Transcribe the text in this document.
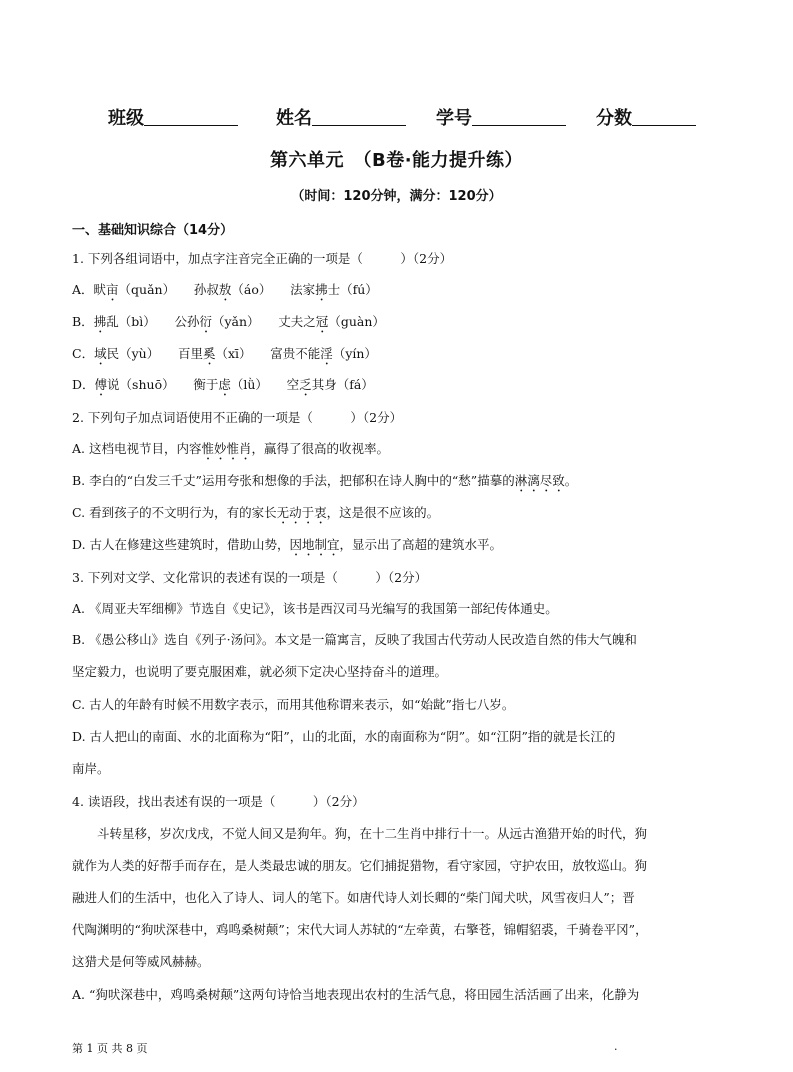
班级	姓名	学号	分数
第六单元　（B卷·能力提升练）
（时间：120分钟，满分：120分）
一、基础知识综合（14分）
1. 下列各组词语中，加点字注音完全正确的一项是（　　　）（2分）
A．畎亩（quǎn）　　孙叔敖（áo）　　法家拂士（fú）
B．拂乱（bì）　　公孙衍（yǎn）　　丈夫之冠（guàn）
C．域民（yù）　　百里奚（xī）　　富贵不能淫（yín）
D．傅说（shuō）　　衡于虑（lǜ）　　空乏其身（fá）
2. 下列句子加点词语使用不正确的一项是（　　　）（2分）
A. 这档电视节目，内容惟妙惟肖，赢得了很高的收视率。
B. 李白的“白发三千丈”运用夸张和想像的手法，把郁积在诗人胸中的“愁”描摹的淋漓尽致。
C. 看到孩子的不文明行为，有的家长无动于衷，这是很不应该的。
D. 古人在修建这些建筑时，借助山势，因地制宜，显示出了高超的建筑水平。
3. 下列对文学、文化常识的表述有误的一项是（　　　）（2分）
A. 《周亚夫军细柳》节选自《史记》，该书是西汉司马光编写的我国第一部纪传体通史。
B. 《愚公移山》选自《列子·汤问》。本文是一篇寓言，反映了我国古代劳动人民改造自然的伟大气魄和
坚定毅力，也说明了要克服困难，就必须下定决心坚持奋斗的道理。
C. 古人的年龄有时候不用数字表示，而用其他称谓来表示，如“始龀”指七八岁。
D. 古人把山的南面、水的北面称为“阳”，山的北面，水的南面称为“阴”。如“江阴”指的就是长江的
南岸。
4. 读语段，找出表述有误的一项是（　　　）（2分）
　　斗转星移，岁次戊戌，不觉人间又是狗年。狗，在十二生肖中排行十一。从远古渔猎开始的时代，狗
就作为人类的好帮手而存在，是人类最忠诚的朋友。它们捕捉猎物，看守家园，守护农田，放牧巡山。狗
融进人们的生活中，也化入了诗人、词人的笔下。如唐代诗人刘长卿的“柴门闻犬吠，风雪夜归人”；晋
代陶渊明的“狗吠深巷中，鸡鸣桑树颠”；宋代大词人苏轼的“左牵黄，右擎苍，锦帽貂裘，千骑卷平冈”，
这猎犬是何等威风赫赫。
A. “狗吠深巷中，鸡鸣桑树颠”这两句诗恰当地表现出农村的生活气息，将田园生活活画了出来，化静为
第 1 页 共 8 页	.
